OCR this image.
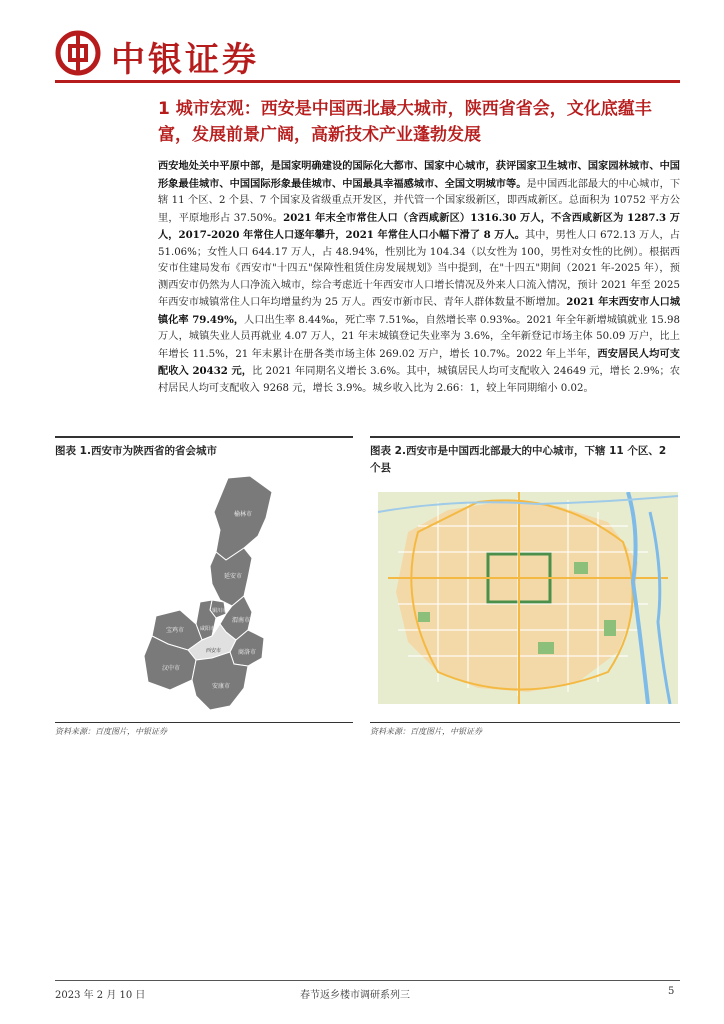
中银证券
1 城市宏观：西安是中国西北最大城市，陕西省省会，文化底蕴丰富，发展前景广阔，高新技术产业蓬勃发展
西安地处关中平原中部，是国家明确建设的国际化大都市、国家中心城市，获评国家卫生城市、国家园林城市、中国形象最佳城市、中国国际形象最佳城市、中国最具幸福感城市、全国文明城市等。是中国西北部最大的中心城市，下辖 11 个区、2 个县、7 个国家及省级重点开发区，并代管一个国家级新区，即西咸新区。总面积为 10752 平方公里，平原地形占 37.50%。2021 年末全市常住人口（含西咸新区）1316.30 万人，不含西咸新区为 1287.3 万人，2017-2020 年常住人口逐年攀升，2021 年常住人口小幅下滑了 8 万人。其中，男性人口 672.13 万人，占 51.06%；女性人口 644.17 万人，占 48.94%，性别比为 104.34（以女性为 100，男性对女性的比例）。根据西安市住建局发布《西安市"十四五"保障性租赁住房发展规划》当中提到，在"十四五"期间（2021 年-2025 年），预测西安市仍然为人口净流入城市，综合考虑近十年西安市人口增长情况及外来人口流入情况，预计 2021 年至 2025 年西安市城镇常住人口年均增量约为 25 万人。西安市新市民、青年人群体数量不断增加。2021 年末西安市人口城镇化率 79.49%，人口出生率 8.44‰，死亡率 7.51‰，自然增长率 0.93‰。2021 年全年新增城镇就业 15.98 万人，城镇失业人员再就业 4.07 万人，21 年末城镇登记失业率为 3.6%，全年新登记市场主体 50.09 万户，比上年增长 11.5%，21 年末累计在册各类市场主体 269.02 万户，增长 10.7%。2022 年上半年，西安居民人均可支配收入 20432 元，比 2021 年同期名义增长 3.6%。其中，城镇居民人均可支配收入 24649 元，增长 2.9%；农村居民人均可支配收入 9268 元，增长 3.9%。城乡收入比为 2.66：1，较上年同期缩小 0.02。
图表 1.西安市为陕西省的省会城市
榆林市
延安市
铜川市
咸阳市
渭南市
宝鸡市
西安市	商洛市
汉中市
安康市
资料来源：百度图片，中银证券
图表 2.西安市是中国西北部最大的中心城市，下辖 11 个区、2 个县
资料来源：百度图片，中银证券
2023 年 2 月 10 日	春节返乡楼市调研系列三	5
